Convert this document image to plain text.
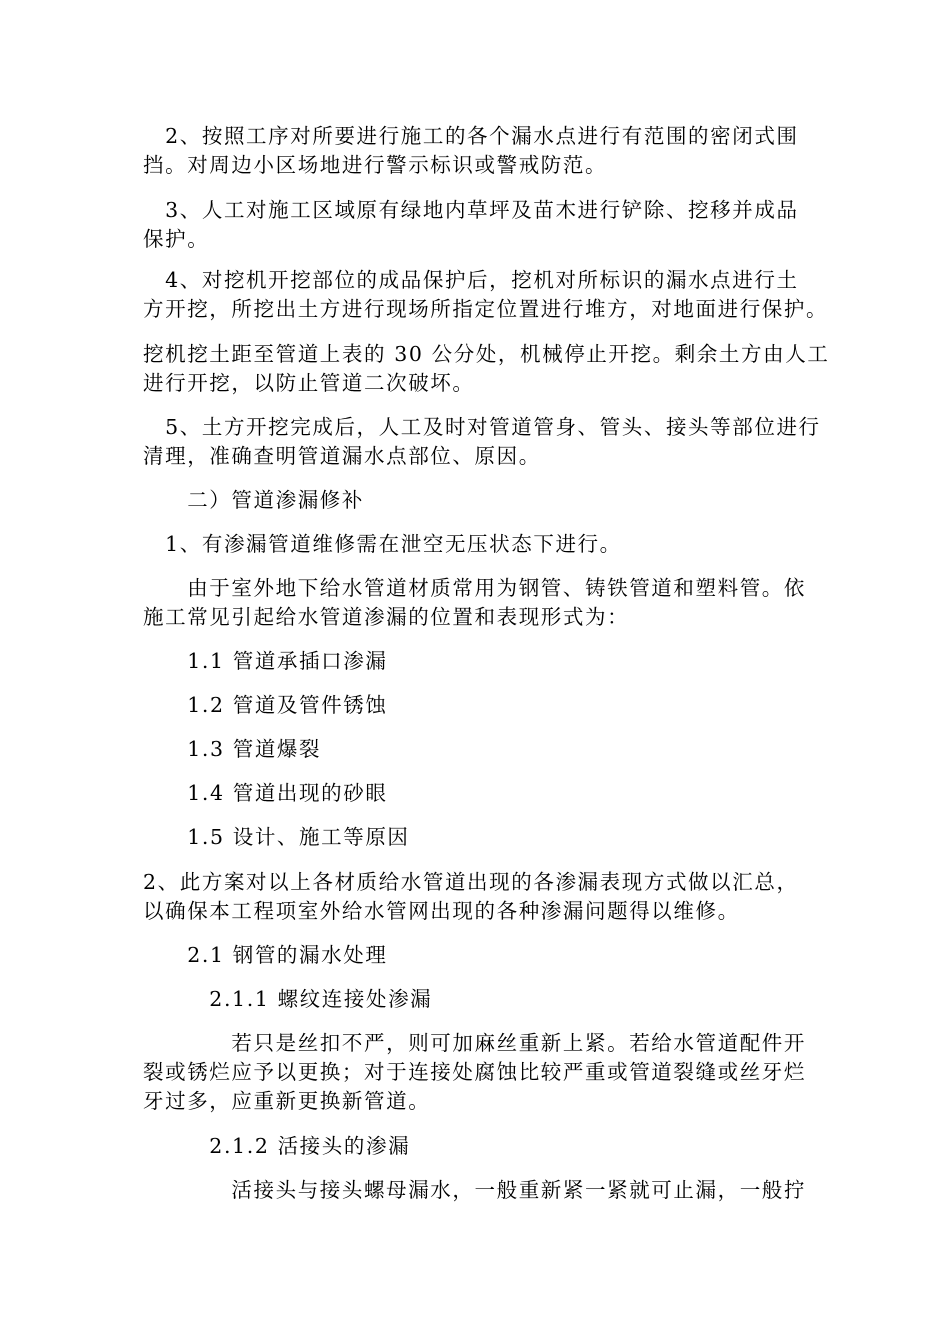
　2、按照工序对所要进行施工的各个漏水点进行有范围的密闭式围
挡。对周边小区场地进行警示标识或警戒防范。
　3、人工对施工区域原有绿地内草坪及苗木进行铲除、挖移并成品
保护。
　4、对挖机开挖部位的成品保护后，挖机对所标识的漏水点进行土
方开挖，所挖出土方进行现场所指定位置进行堆方，对地面进行保护。
挖机挖土距至管道上表的 30 公分处，机械停止开挖。剩余土方由人工
进行开挖，以防止管道二次破坏。
　5、土方开挖完成后，人工及时对管道管身、管头、接头等部位进行
清理，准确查明管道漏水点部位、原因。
　　二）管道渗漏修补
　1、有渗漏管道维修需在泄空无压状态下进行。
　　由于室外地下给水管道材质常用为钢管、铸铁管道和塑料管。依
施工常见引起给水管道渗漏的位置和表现形式为：
　　1.1 管道承插口渗漏
　　1.2 管道及管件锈蚀
　　1.3 管道爆裂
　　1.4 管道出现的砂眼
　　1.5 设计、施工等原因
2、此方案对以上各材质给水管道出现的各渗漏表现方式做以汇总，
以确保本工程项室外给水管网出现的各种渗漏问题得以维修。
　　2.1 钢管的漏水处理
　　　2.1.1 螺纹连接处渗漏
　　　　若只是丝扣不严，则可加麻丝重新上紧。若给水管道配件开
裂或锈烂应予以更换；对于连接处腐蚀比较严重或管道裂缝或丝牙烂
牙过多，应重新更换新管道。
　　　2.1.2 活接头的渗漏
　　　　活接头与接头螺母漏水，一般重新紧一紧就可止漏，一般拧
